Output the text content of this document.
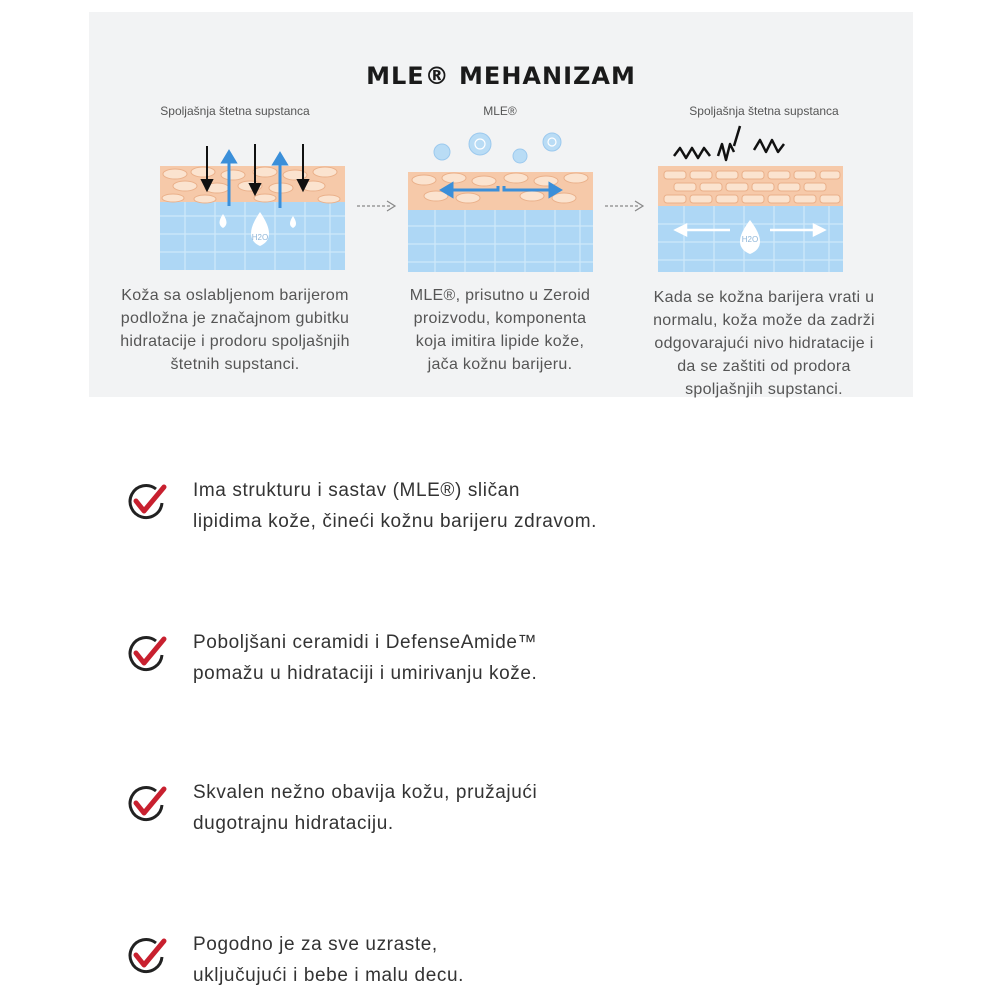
MLE® MEHANIZAM
Spoljašnja štetna supstanca
H2O
Koža sa oslabljenom barijerom
podložna je značajnom gubitku
hidratacije i prodoru spoljašnjih
štetnih supstanci.
MLE®
MLE®, prisutno u Zeroid
proizvodu, komponenta
koja imitira lipide kože,
jača kožnu barijeru.
Spoljašnja štetna supstanca
H2O
Kada se kožna barijera vrati u
normalu, koža može da zadrži
odgovarajući nivo hidratacije i
da se zaštiti od prodora
spoljašnjih supstanci.
Ima strukturu i sastav (MLE®) sličan
lipidima kože, čineći kožnu barijeru zdravom.
Poboljšani ceramidi i DefenseAmide™
pomažu u hidrataciji i umirivanju kože.
Skvalen nežno obavija kožu, pružajući
dugotrajnu hidrataciju.
Pogodno je za sve uzraste,
uključujući i bebe i malu decu.
